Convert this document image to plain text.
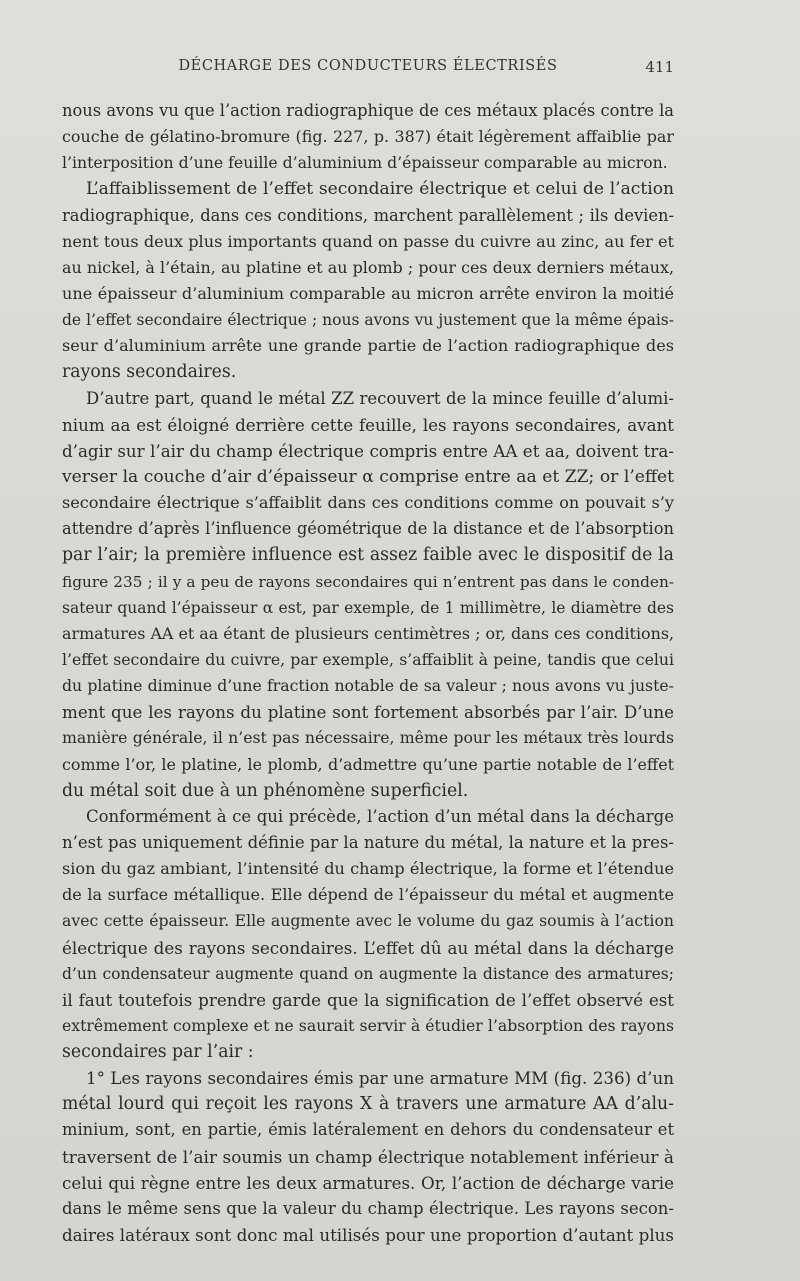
DÉCHARGE DES CONDUCTEURS ÉLECTRISÉS	411
nous avons vu que l’action radiographique de ces métaux placés contre la
couche de gélatino-bromure (fig. 227, p. 387) était légèrement affaiblie par
l’interposition d’une feuille d’aluminium d’épaisseur comparable au micron.
L’affaiblissement de l’effet secondaire électrique et celui de l’action
radiographique, dans ces conditions, marchent parallèlement ; ils devien-
nent tous deux plus importants quand on passe du cuivre au zinc, au fer et
au nickel, à l’étain, au platine et au plomb ; pour ces deux derniers métaux,
une épaisseur d’aluminium comparable au micron arrête environ la moitié
de l’effet secondaire électrique ; nous avons vu justement que la même épais-
seur d’aluminium arrête une grande partie de l’action radiographique des
rayons secondaires.
D’autre part, quand le métal ZZ recouvert de la mince feuille d’alumi-
nium aa est éloigné derrière cette feuille, les rayons secondaires, avant
d’agir sur l’air du champ électrique compris entre AA et aa, doivent tra-
verser la couche d’air d’épaisseur α comprise entre aa et ZZ; or l’effet
secondaire électrique s’affaiblit dans ces conditions comme on pouvait s’y
attendre d’après l’influence géométrique de la distance et de l’absorption
par l’air; la première influence est assez faible avec le dispositif de la
figure 235 ; il y a peu de rayons secondaires qui n’entrent pas dans le conden-
sateur quand l’épaisseur α est, par exemple, de 1 millimètre, le diamètre des
armatures AA et aa étant de plusieurs centimètres ; or, dans ces conditions,
l’effet secondaire du cuivre, par exemple, s’affaiblit à peine, tandis que celui
du platine diminue d’une fraction notable de sa valeur ; nous avons vu juste-
ment que les rayons du platine sont fortement absorbés par l’air. D’une
manière générale, il n’est pas nécessaire, même pour les métaux très lourds
comme l’or, le platine, le plomb, d’admettre qu’une partie notable de l’effet
du métal soit due à un phénomène superficiel.
Conformément à ce qui précède, l’action d’un métal dans la décharge
n’est pas uniquement définie par la nature du métal, la nature et la pres-
sion du gaz ambiant, l’intensité du champ électrique, la forme et l’étendue
de la surface métallique. Elle dépend de l’épaisseur du métal et augmente
avec cette épaisseur. Elle augmente avec le volume du gaz soumis à l’action
électrique des rayons secondaires. L’effet dû au métal dans la décharge
d’un condensateur augmente quand on augmente la distance des armatures;
il faut toutefois prendre garde que la signification de l’effet observé est
extrêmement complexe et ne saurait servir à étudier l’absorption des rayons
secondaires par l’air :
1° Les rayons secondaires émis par une armature MM (fig. 236) d’un
métal lourd qui reçoit les rayons X à travers une armature AA d’alu-
minium, sont, en partie, émis latéralement en dehors du condensateur et
traversent de l’air soumis un champ électrique notablement inférieur à
celui qui règne entre les deux armatures. Or, l’action de décharge varie
dans le même sens que la valeur du champ électrique. Les rayons secon-
daires latéraux sont donc mal utilisés pour une proportion d’autant plus
